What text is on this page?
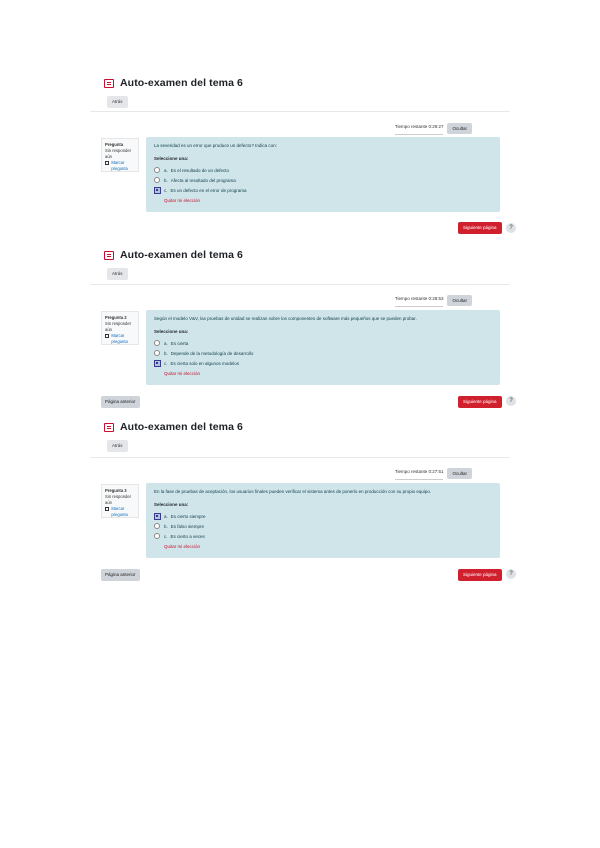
Auto-examen del tema 6
Atrás
Tiempo restante 0:29:27	Ocultar
Pregunta
Sin responder aún
Marcar pregunta
La severidad es un error que produce un defecto? Indica con:
Seleccione una:
a. Es el resultado de un defecto
b. Afecta al resultado del programa
c. Es un defecto en el error de programa
Quitar mi elección
Siguiente página	?
Auto-examen del tema 6
Atrás
Tiempo restante 0:28:53	Ocultar
Pregunta 2
Sin responder aún
Marcar pregunta
Según el modelo V&V, las pruebas de unidad se realizan sobre los componentes de software más pequeños que se pueden probar.
Seleccione una:
a. Es cierta
b. Depende de la metodología de desarrollo
c. Es cierta solo en algunos modelos
Quitar mi elección
Página anterior	Siguiente página	?
Auto-examen del tema 6
Atrás
Tiempo restante 0:27:51	Ocultar
Pregunta 3
Sin responder aún
Marcar pregunta
En la fase de pruebas de aceptación, los usuarios finales pueden verificar el sistema antes de ponerlo en producción con su propio equipo.
Seleccione una:
a. Es cierto siempre
b. Es falso siempre
c. Es cierto a veces
Quitar mi elección
Página anterior	Siguiente página	?
